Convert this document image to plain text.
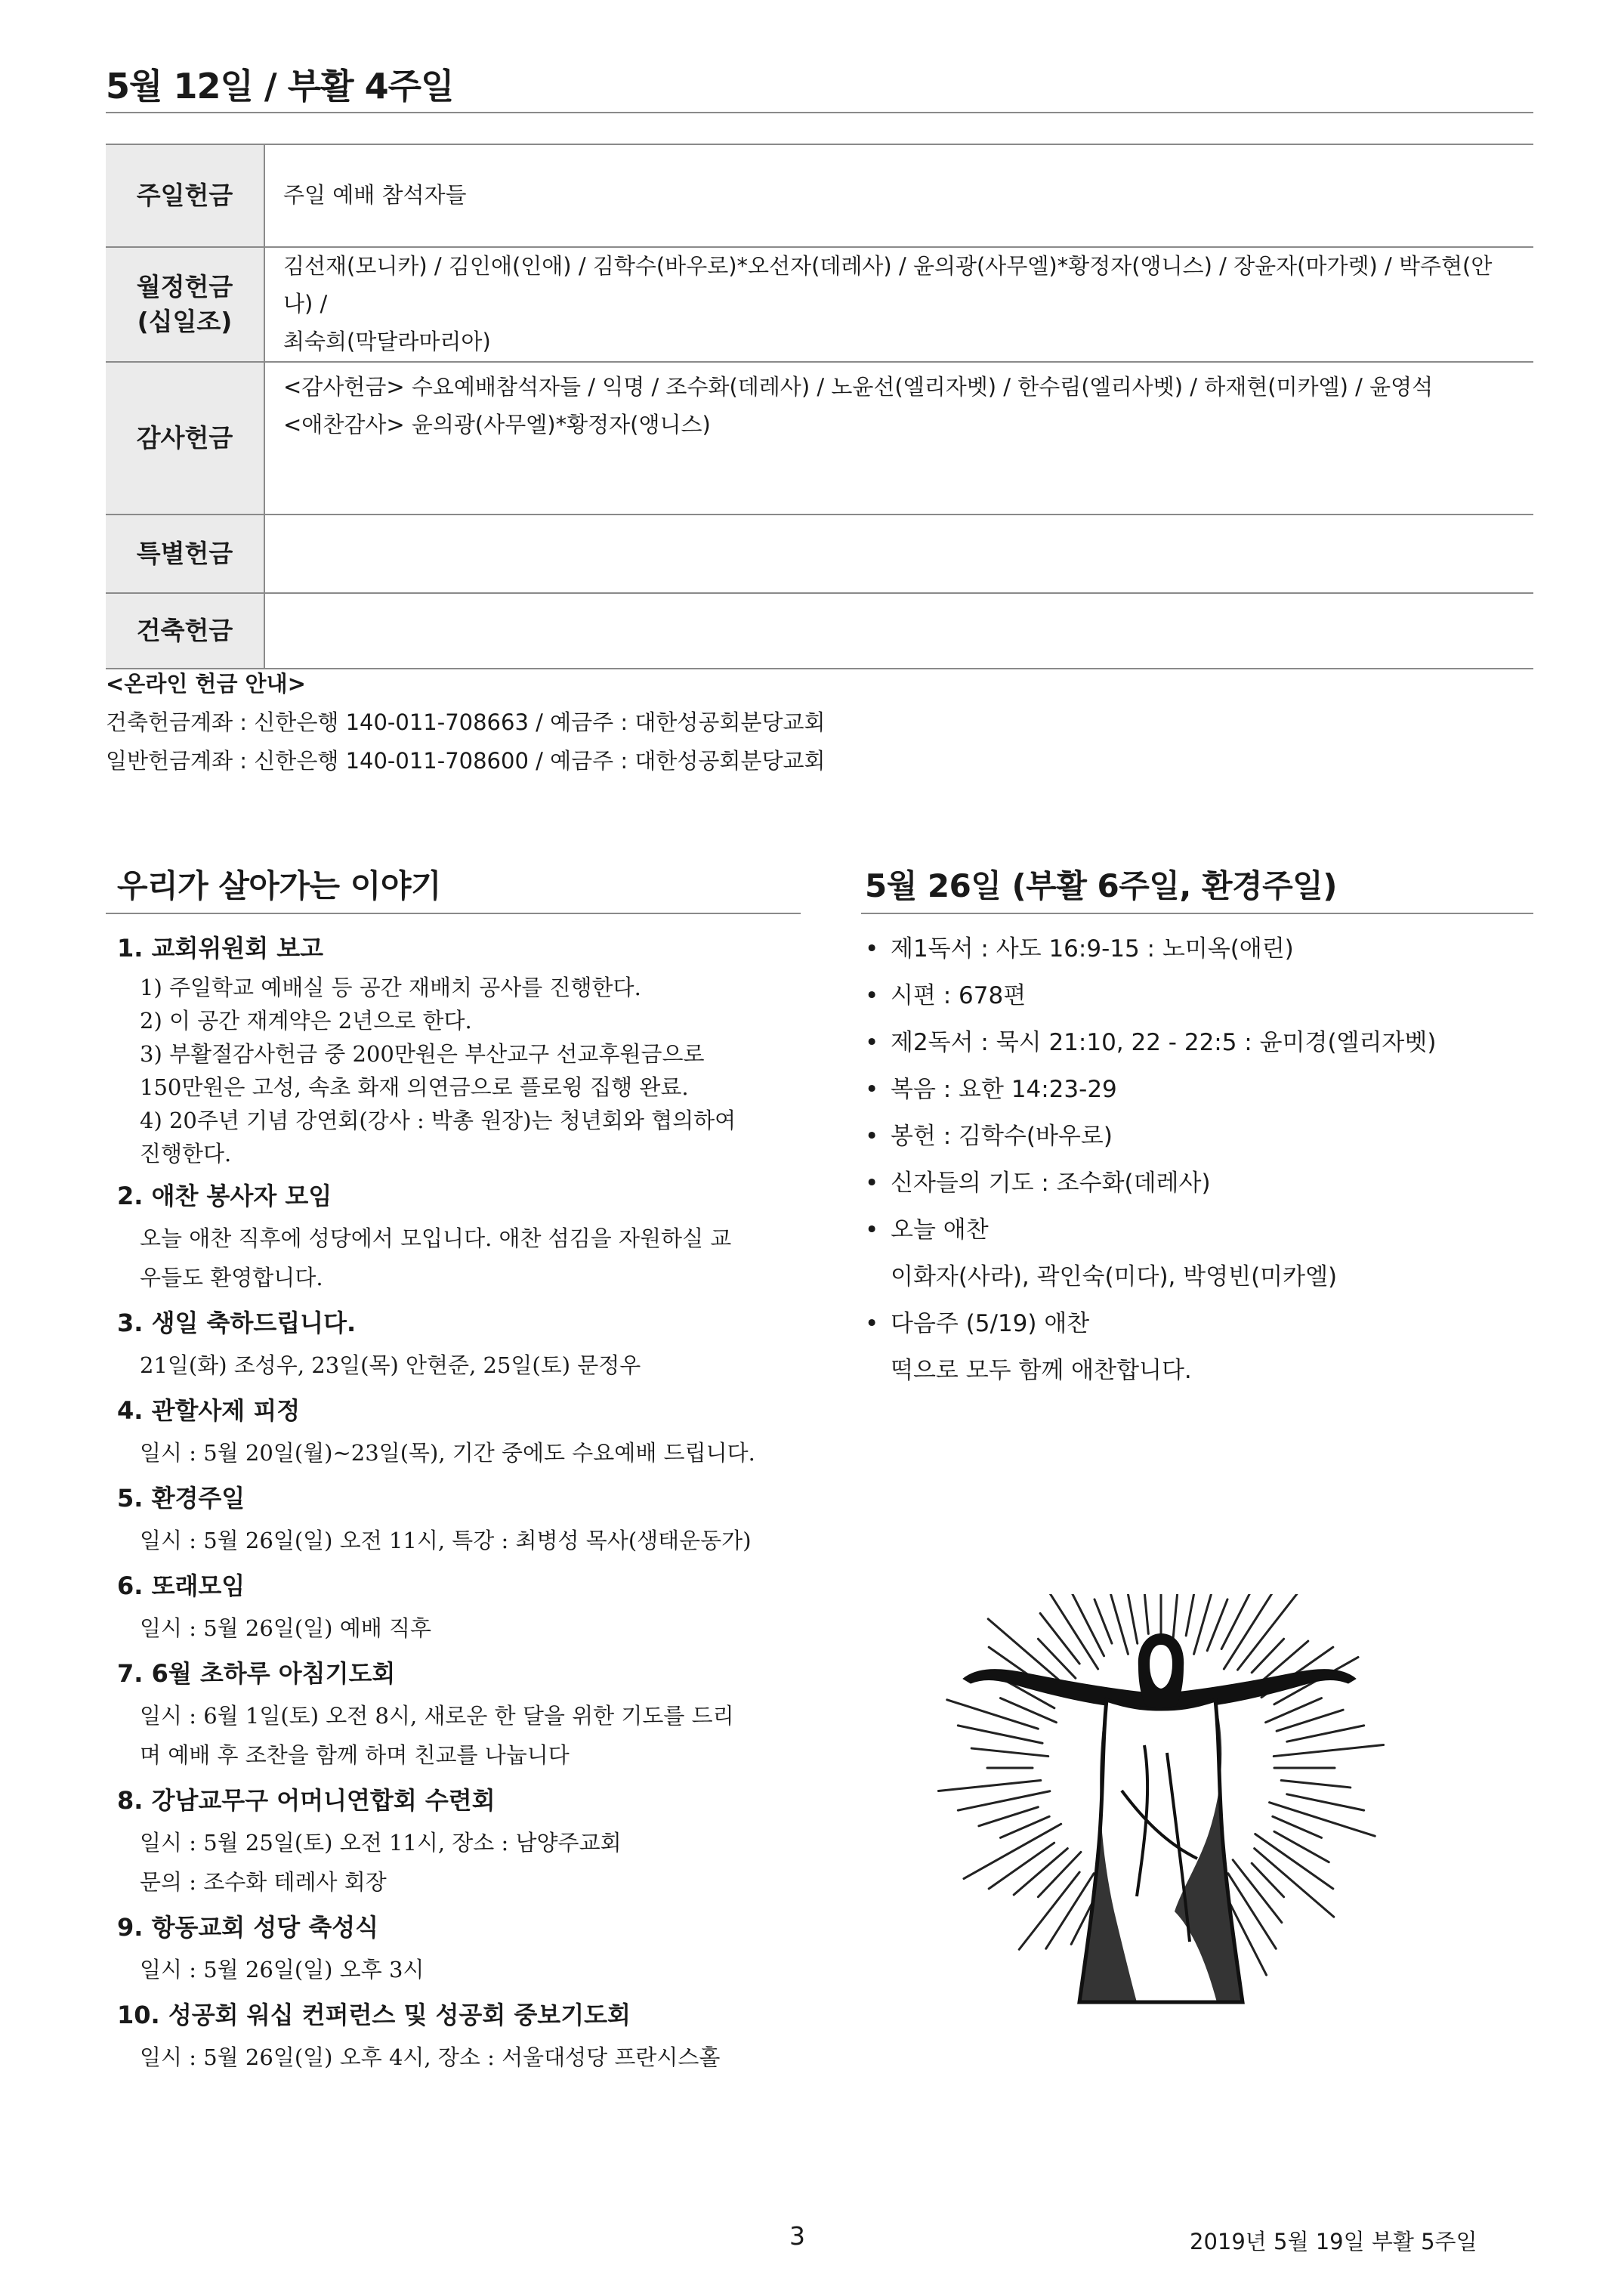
5월 12일 / 부활 4주일
주일헌금	주일 예배 참석자들

월정헌금
(십일조)	김선재(모니카) / 김인애(인애) / 김학수(바우로)*오선자(데레사) / 윤의광(사무엘)*황정자(앵니스) / 장윤자(마가렛) / 박주현(안나) /
최숙희(막달라마리아)

감사헌금	<감사헌금> 수요예배참석자들 / 익명 / 조수화(데레사) / 노윤선(엘리자벳) / 한수림(엘리사벳) / 하재현(미카엘) / 윤영석
<애찬감사> 윤의광(사무엘)*황정자(앵니스)

특별헌금	
건축헌금	
<온라인 헌금 안내>
건축헌금계좌 : 신한은행 140-011-708663 / 예금주 : 대한성공회분당교회
일반헌금계좌 : 신한은행 140-011-708600 / 예금주 : 대한성공회분당교회
우리가 살아가는 이야기	5월 26일 (부활 6주일, 환경주일)
1. 교회위원회 보고
1) 주일학교 예배실 등 공간 재배치 공사를 진행한다.
2) 이 공간 재계약은 2년으로 한다.
3) 부활절감사헌금 중 200만원은 부산교구 선교후원금으로
150만원은 고성, 속초 화재 의연금으로 플로윙 집행 완료.
4) 20주년 기념 강연회(강사 : 박총 원장)는 청년회와 협의하여
진행한다.
2. 애찬 봉사자 모임
오늘 애찬 직후에 성당에서 모입니다. 애찬 섬김을 자원하실 교
우들도 환영합니다.
3. 생일 축하드립니다.
21일(화) 조성우, 23일(목) 안현준, 25일(토) 문정우
4. 관할사제 피정
일시 : 5월 20일(월)~23일(목), 기간 중에도 수요예배 드립니다.
5. 환경주일
일시 : 5월 26일(일) 오전 11시, 특강 : 최병성 목사(생태운동가)
6. 또래모임
일시 : 5월 26일(일) 예배 직후
7. 6월 초하루 아침기도회
일시 : 6월 1일(토) 오전 8시, 새로운 한 달을 위한 기도를 드리
며 예배 후 조찬을 함께 하며 친교를 나눕니다
8. 강남교무구 어머니연합회 수련회
일시 : 5월 25일(토) 오전 11시, 장소 : 남양주교회
문의 : 조수화 테레사 회장
9. 항동교회 성당 축성식
일시 : 5월 26일(일) 오후 3시
10. 성공회 워십 컨퍼런스 및 성공회 중보기도회
일시 : 5월 26일(일) 오후 4시, 장소 : 서울대성당 프란시스홀
• 제1독서 : 사도 16:9-15 : 노미옥(애린)
• 시편 : 678편
• 제2독서 : 묵시 21:10, 22 - 22:5 : 윤미경(엘리자벳)
• 복음 : 요한 14:23-29
• 봉헌 : 김학수(바우로)
• 신자들의 기도 : 조수화(데레사)
• 오늘 애찬
이화자(사라), 곽인숙(미다), 박영빈(미카엘)
• 다음주 (5/19) 애찬
떡으로 모두 함께 애찬합니다.
3	2019년 5월 19일 부활 5주일
